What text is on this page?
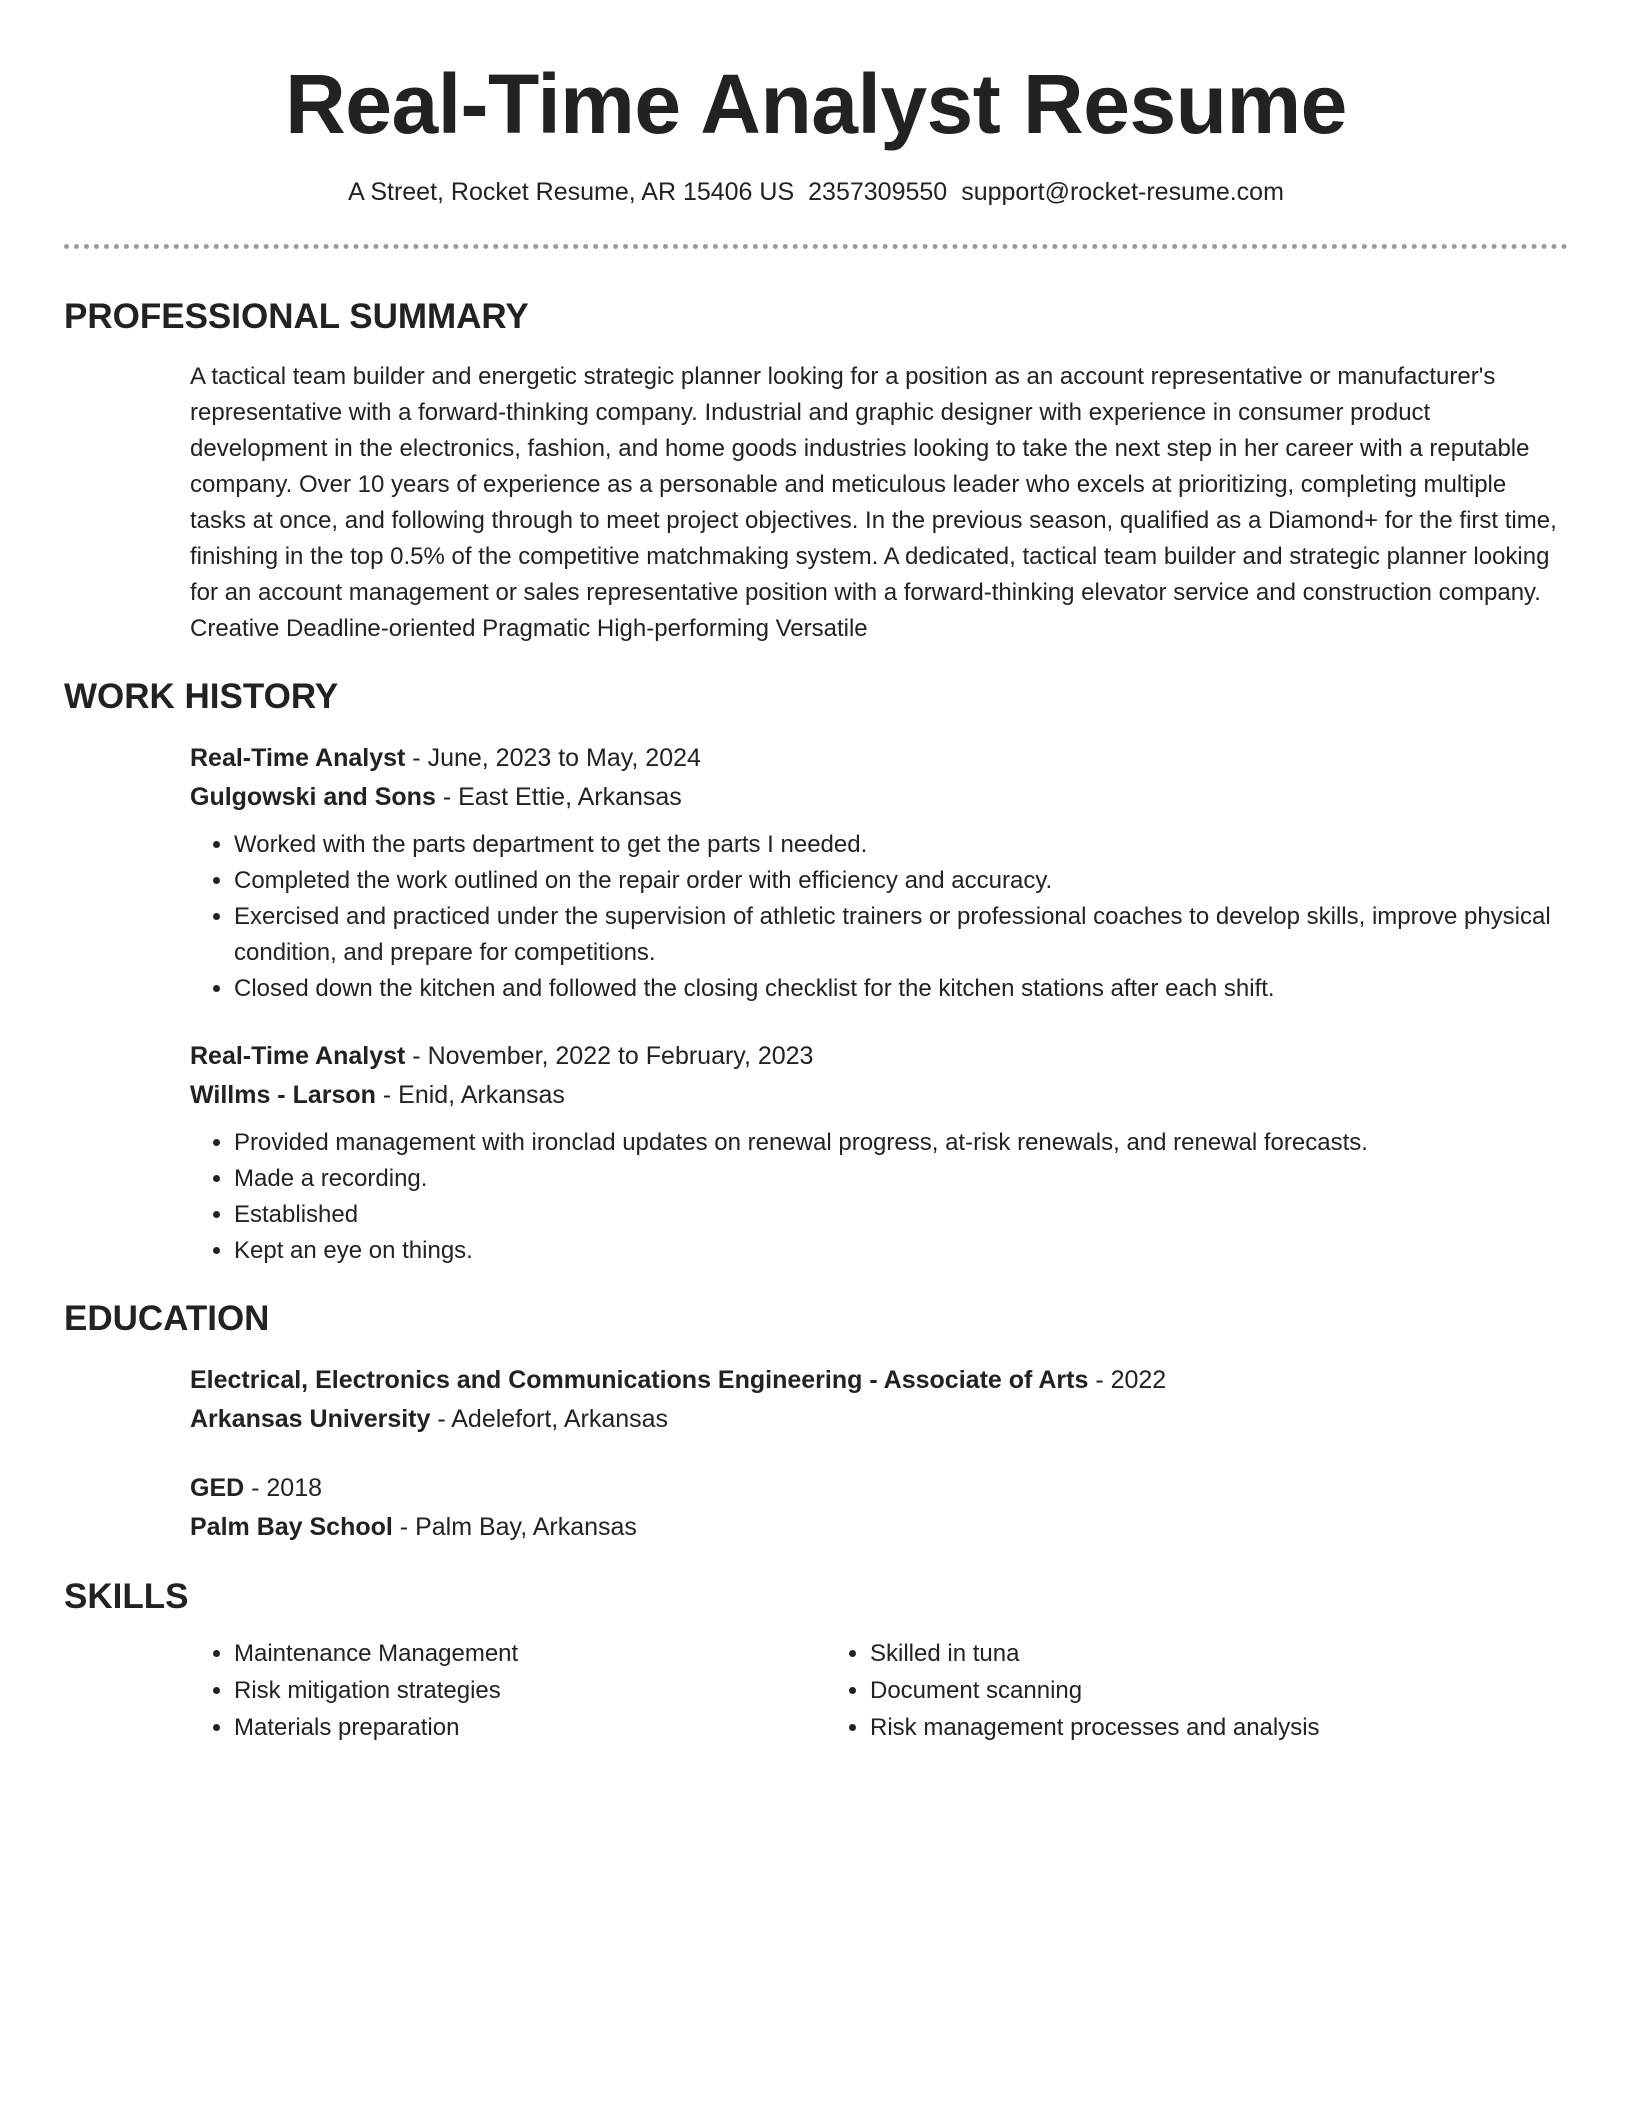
Real-Time Analyst Resume
A Street, Rocket Resume, AR 15406 US 2357309550 support@rocket-resume.com
PROFESSIONAL SUMMARY
A tactical team builder and energetic strategic planner looking for a position as an account representative or manufacturer's representative with a forward-thinking company. Industrial and graphic designer with experience in consumer product development in the electronics, fashion, and home goods industries looking to take the next step in her career with a reputable company. Over 10 years of experience as a personable and meticulous leader who excels at prioritizing, completing multiple tasks at once, and following through to meet project objectives. In the previous season, qualified as a Diamond+ for the first time, finishing in the top 0.5% of the competitive matchmaking system. A dedicated, tactical team builder and strategic planner looking for an account management or sales representative position with a forward-thinking elevator service and construction company. Creative Deadline-oriented Pragmatic High-performing Versatile
WORK HISTORY
Real-Time Analyst - June, 2023 to May, 2024
Gulgowski and Sons - East Ettie, Arkansas
• Worked with the parts department to get the parts I needed.
• Completed the work outlined on the repair order with efficiency and accuracy.
• Exercised and practiced under the supervision of athletic trainers or professional coaches to develop skills, improve physical condition, and prepare for competitions.
• Closed down the kitchen and followed the closing checklist for the kitchen stations after each shift.
Real-Time Analyst - November, 2022 to February, 2023
Willms - Larson - Enid, Arkansas
• Provided management with ironclad updates on renewal progress, at-risk renewals, and renewal forecasts.
• Made a recording.
• Established
• Kept an eye on things.
EDUCATION
Electrical, Electronics and Communications Engineering - Associate of Arts - 2022
Arkansas University - Adelefort, Arkansas
GED - 2018
Palm Bay School - Palm Bay, Arkansas
SKILLS
• Maintenance Management
• Risk mitigation strategies
• Materials preparation
• Skilled in tuna
• Document scanning
• Risk management processes and analysis
